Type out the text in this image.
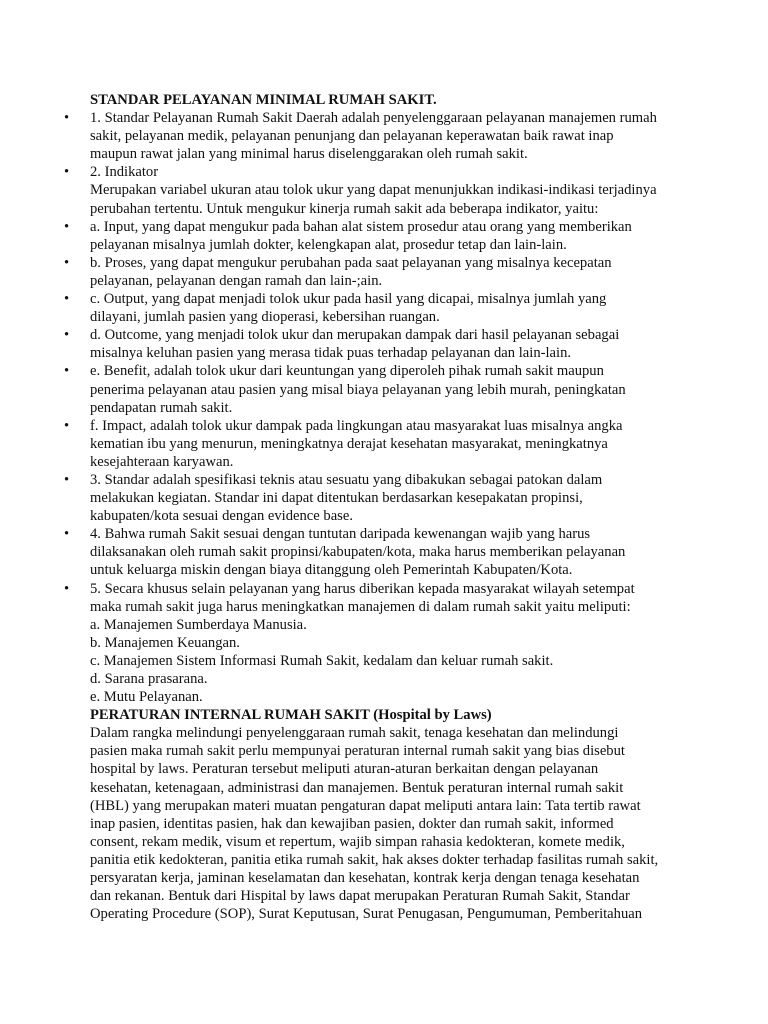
STANDAR PELAYANAN MINIMAL RUMAH SAKIT.
• 1. Standar Pelayanan Rumah Sakit Daerah adalah penyelenggaraan pelayanan manajemen rumah
sakit, pelayanan medik, pelayanan penunjang dan pelayanan keperawatan baik rawat inap
maupun rawat jalan yang minimal harus diselenggarakan oleh rumah sakit.
• 2. Indikator
Merupakan variabel ukuran atau tolok ukur yang dapat menunjukkan indikasi-indikasi terjadinya
perubahan tertentu. Untuk mengukur kinerja rumah sakit ada beberapa indikator, yaitu:
• a. Input, yang dapat mengukur pada bahan alat sistem prosedur atau orang yang memberikan
pelayanan misalnya jumlah dokter, kelengkapan alat, prosedur tetap dan lain-lain.
• b. Proses, yang dapat mengukur perubahan pada saat pelayanan yang misalnya kecepatan
pelayanan, pelayanan dengan ramah dan lain-;ain.
• c. Output, yang dapat menjadi tolok ukur pada hasil yang dicapai, misalnya jumlah yang
dilayani, jumlah pasien yang dioperasi, kebersihan ruangan.
• d. Outcome, yang menjadi tolok ukur dan merupakan dampak dari hasil pelayanan sebagai
misalnya keluhan pasien yang merasa tidak puas terhadap pelayanan dan lain-lain.
• e. Benefit, adalah tolok ukur dari keuntungan yang diperoleh pihak rumah sakit maupun
penerima pelayanan atau pasien yang misal biaya pelayanan yang lebih murah, peningkatan
pendapatan rumah sakit.
• f. Impact, adalah tolok ukur dampak pada lingkungan atau masyarakat luas misalnya angka
kematian ibu yang menurun, meningkatnya derajat kesehatan masyarakat, meningkatnya
kesejahteraan karyawan.
• 3. Standar adalah spesifikasi teknis atau sesuatu yang dibakukan sebagai patokan dalam
melakukan kegiatan. Standar ini dapat ditentukan berdasarkan kesepakatan propinsi,
kabupaten/kota sesuai dengan evidence base.
• 4. Bahwa rumah Sakit sesuai dengan tuntutan daripada kewenangan wajib yang harus
dilaksanakan oleh rumah sakit propinsi/kabupaten/kota, maka harus memberikan pelayanan
untuk keluarga miskin dengan biaya ditanggung oleh Pemerintah Kabupaten/Kota.
• 5. Secara khusus selain pelayanan yang harus diberikan kepada masyarakat wilayah setempat
maka rumah sakit juga harus meningkatkan manajemen di dalam rumah sakit yaitu meliputi:
a. Manajemen Sumberdaya Manusia.
b. Manajemen Keuangan.
c. Manajemen Sistem Informasi Rumah Sakit, kedalam dan keluar rumah sakit.
d. Sarana prasarana.
e. Mutu Pelayanan.
PERATURAN INTERNAL RUMAH SAKIT (Hospital by Laws)
Dalam rangka melindungi penyelenggaraan rumah sakit, tenaga kesehatan dan melindungi
pasien maka rumah sakit perlu mempunyai peraturan internal rumah sakit yang bias disebut
hospital by laws. Peraturan tersebut meliputi aturan-aturan berkaitan dengan pelayanan
kesehatan, ketenagaan, administrasi dan manajemen. Bentuk peraturan internal rumah sakit
(HBL) yang merupakan materi muatan pengaturan dapat meliputi antara lain: Tata tertib rawat
inap pasien, identitas pasien, hak dan kewajiban pasien, dokter dan rumah sakit, informed
consent, rekam medik, visum et repertum, wajib simpan rahasia kedokteran, komete medik,
panitia etik kedokteran, panitia etika rumah sakit, hak akses dokter terhadap fasilitas rumah sakit,
persyaratan kerja, jaminan keselamatan dan kesehatan, kontrak kerja dengan tenaga kesehatan
dan rekanan. Bentuk dari Hispital by laws dapat merupakan Peraturan Rumah Sakit, Standar
Operating Procedure (SOP), Surat Keputusan, Surat Penugasan, Pengumuman, Pemberitahuan
